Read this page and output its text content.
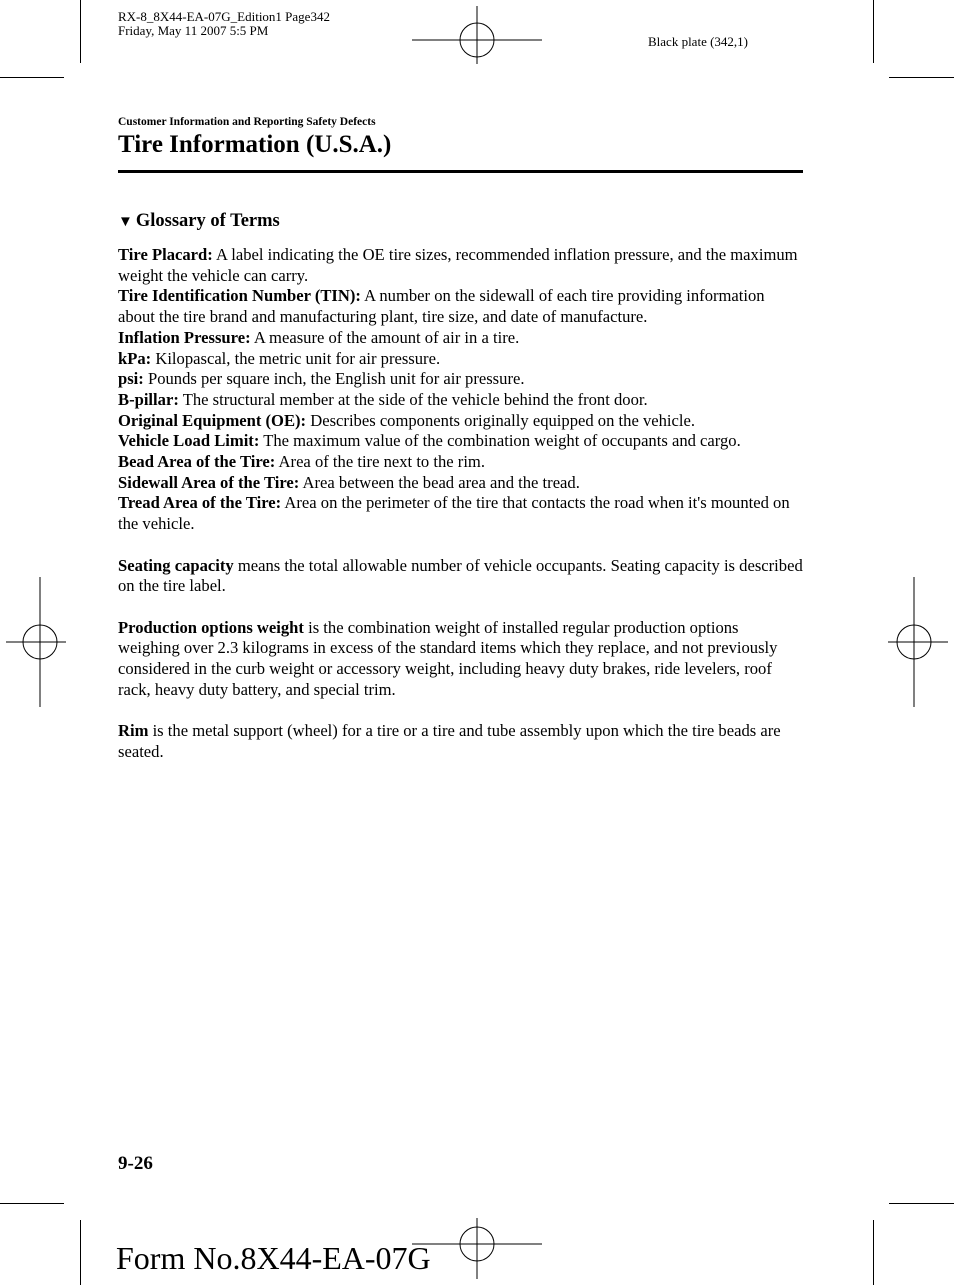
RX-8_8X44-EA-07G_Edition1 Page342
Friday, May 11 2007 5:5 PM
Black plate (342,1)
Customer Information and Reporting Safety Defects
Tire Information (U.S.A.)
▼ Glossary of Terms

Tire Placard: A label indicating the OE tire sizes, recommended inflation pressure, and the maximum weight the vehicle can carry.

Tire Identification Number (TIN): A number on the sidewall of each tire providing information about the tire brand and manufacturing plant, tire size, and date of manufacture.

Inflation Pressure: A measure of the amount of air in a tire.

kPa: Kilopascal, the metric unit for air pressure.

psi: Pounds per square inch, the English unit for air pressure.

B-pillar: The structural member at the side of the vehicle behind the front door.

Original Equipment (OE): Describes components originally equipped on the vehicle.

Vehicle Load Limit: The maximum value of the combination weight of occupants and cargo.

Bead Area of the Tire: Area of the tire next to the rim.

Sidewall Area of the Tire: Area between the bead area and the tread.

Tread Area of the Tire: Area on the perimeter of the tire that contacts the road when it's mounted on the vehicle.

Seating capacity means the total allowable number of vehicle occupants. Seating capacity is described on the tire label.

Production options weight is the combination weight of installed regular production options weighing over 2.3 kilograms in excess of the standard items which they replace, and not previously considered in the curb weight or accessory weight, including heavy duty brakes, ride levelers, roof rack, heavy duty battery, and special trim.

Rim is the metal support (wheel) for a tire or a tire and tube assembly upon which the tire beads are seated.

9-26
Form No.8X44-EA-07G
